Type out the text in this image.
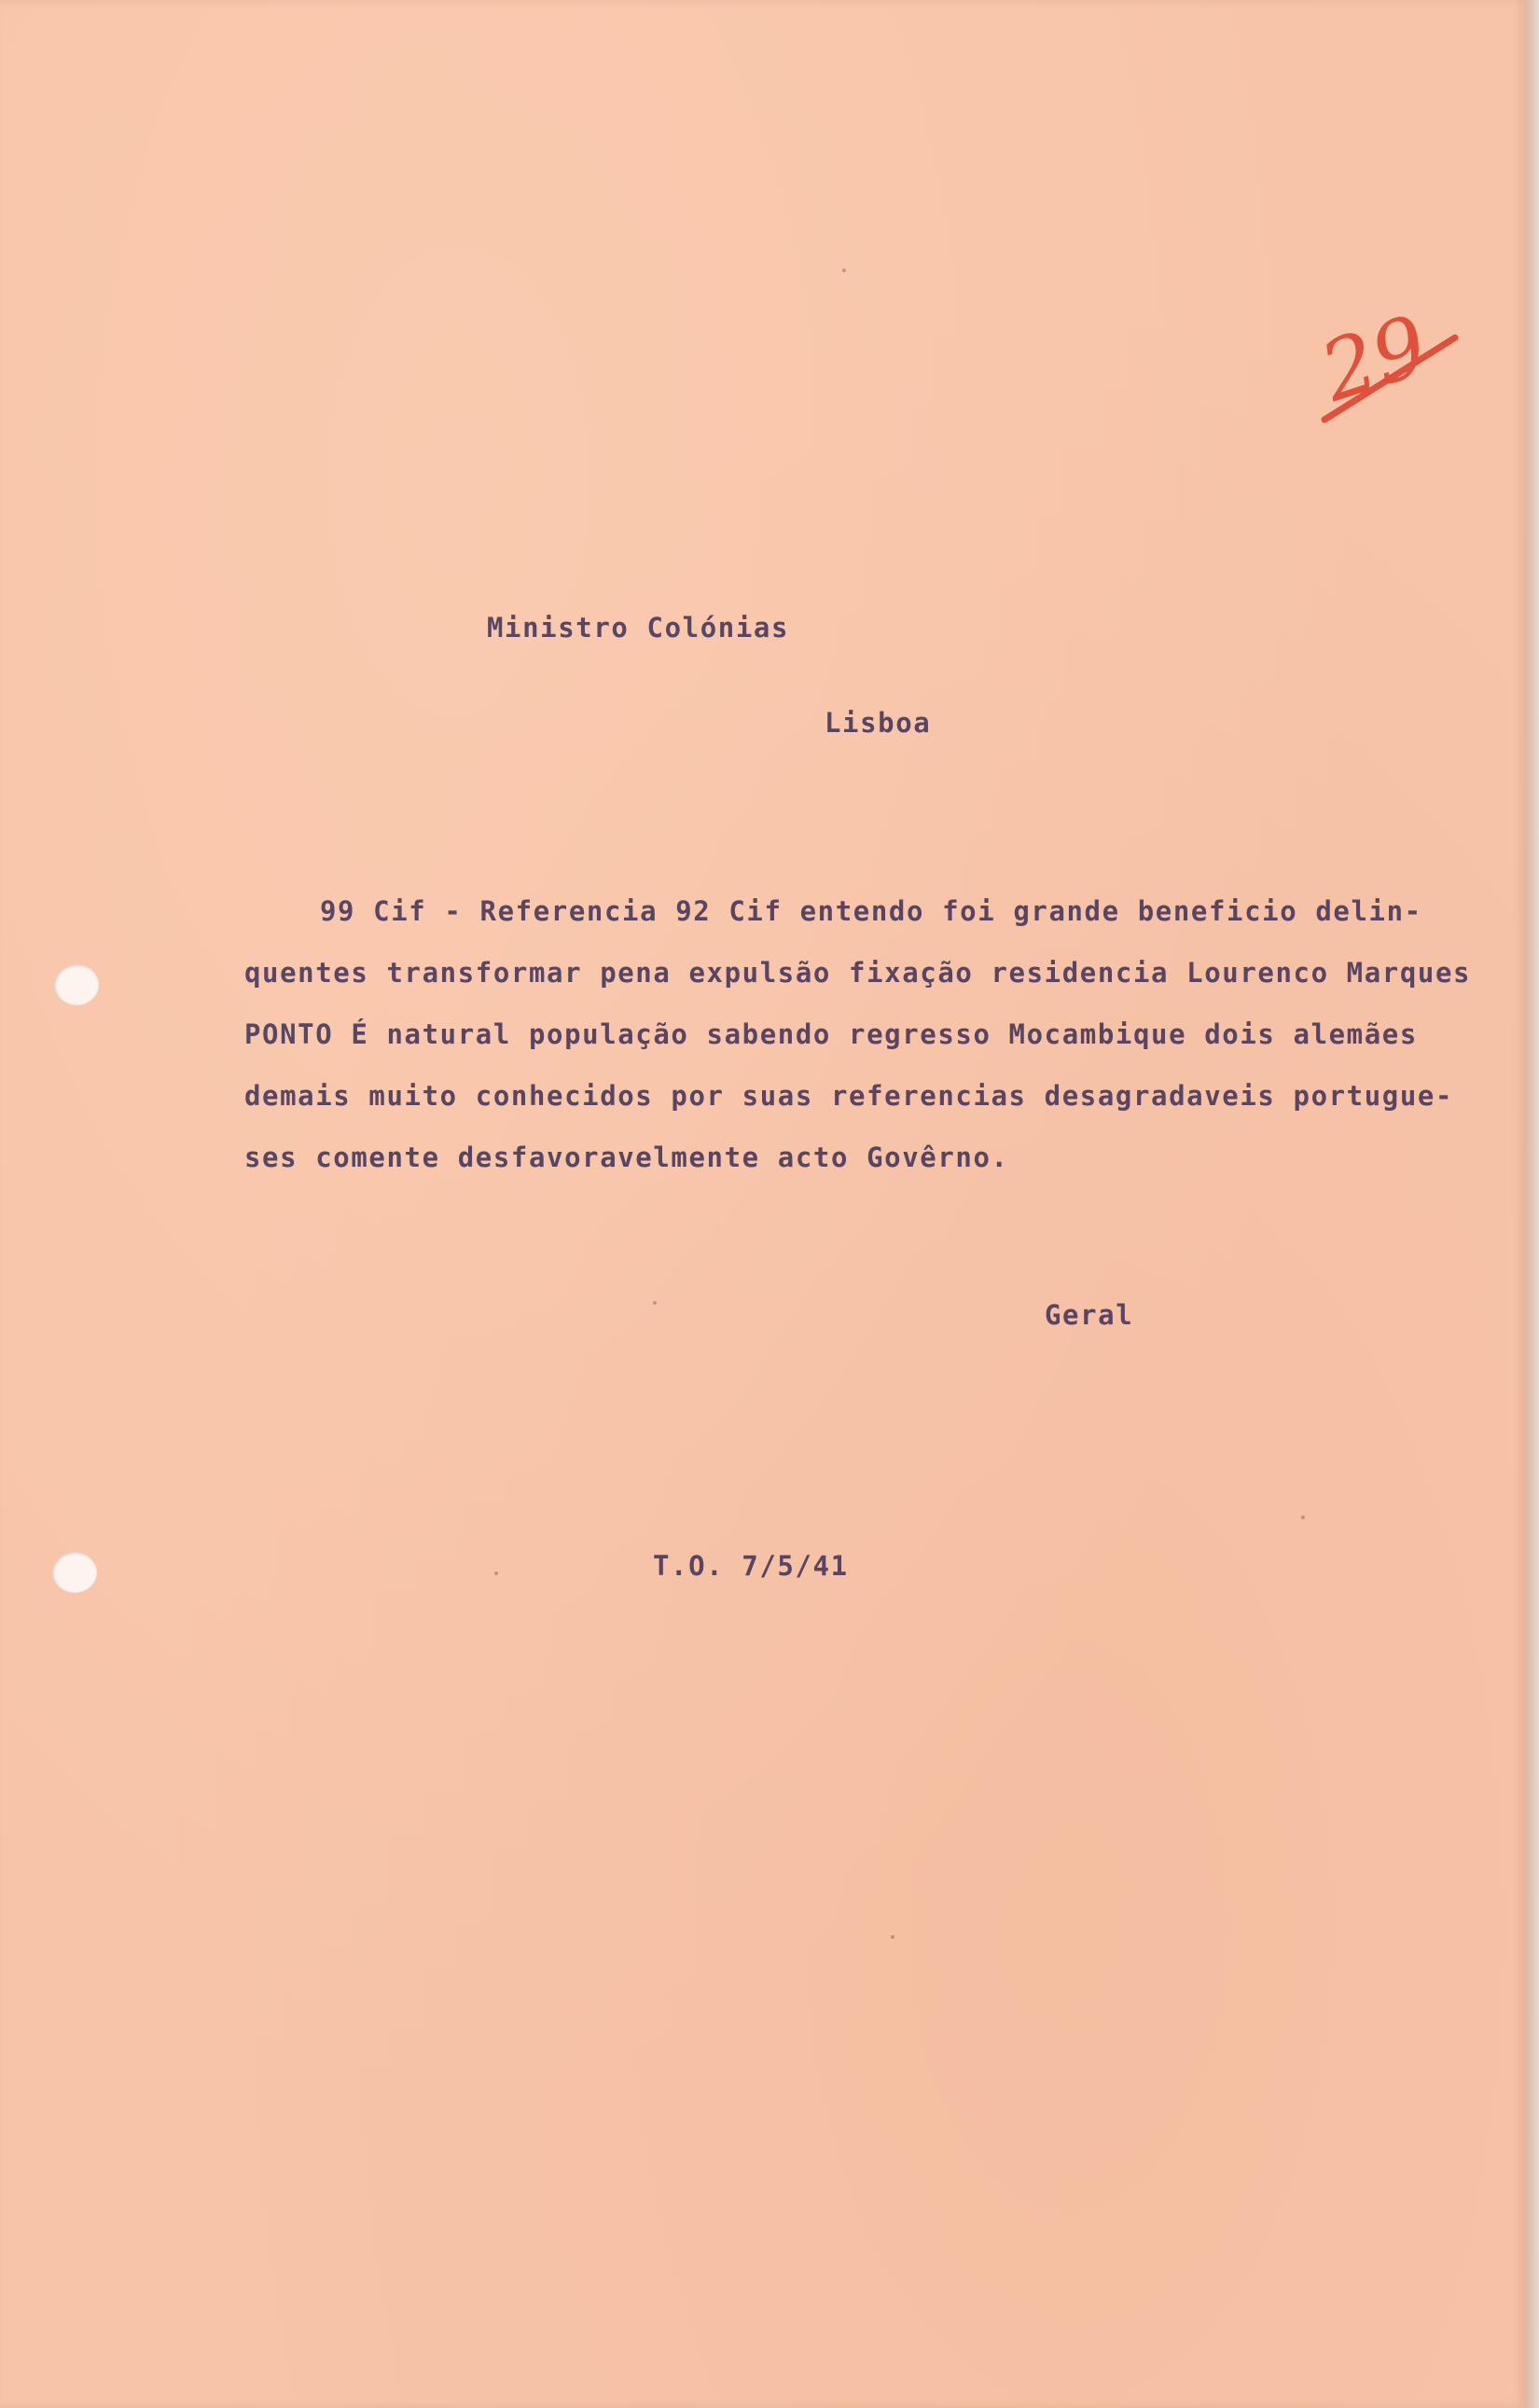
29
Ministro Colónias
Lisboa
99 Cif - Referencia 92 Cif entendo foi grande beneficio delin-
quentes transformar pena expulsão fixação residencia Lourenco Marques
PONTO É natural população sabendo regresso Mocambique dois alemães
demais muito conhecidos por suas referencias desagradaveis portugue-
ses comente desfavoravelmente acto Govêrno.
Geral
T.O. 7/5/41
